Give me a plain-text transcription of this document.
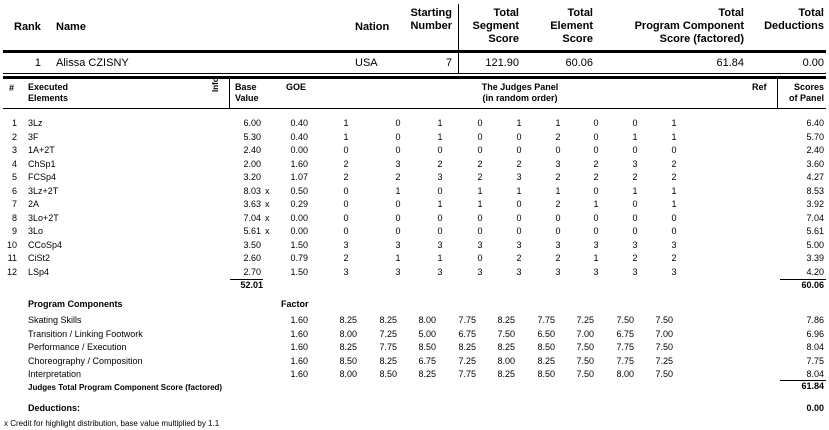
Rank Name	Nation
Starting
Number
Total
Segment
Score
Total
Element
Score
Total
Program Component
Score (factored)
Total
Deductions
1 Alissa CZISNY	USA	7	121.90	60.06	61.84	0.00
# Executed
Elements
Info Base
Value
GOE	The Judges Panel
(in random order)
Ref	Scores
of Panel
1 3Lz	6.00	0.40	1	0	1	0	1	1	0	0	1	6.40
2 3F	5.30	0.40	1	0	1	0	0	2	0	1	1	5.70
3 1A+2T	2.40	0.00	0	0	0	0	0	0	0	0	0	2.40
4 ChSp1	2.00	1.60	2	3	2	2	2	3	2	3	2	3.60
5 FCSp4	3.20	1.07	2	2	3	2	3	2	2	2	2	4.27
6 3Lz+2T	8.03 x 0.50	0	1	0	1	1	1	0	1	1	8.53
7 2A	3.63 x 0.29	0	0	1	1	0	2	1	0	1	3.92
8 3Lo+2T	7.04 x 0.00	0	0	0	0	0	0	0	0	0	7.04
9 3Lo	5.61 x 0.00	0	0	0	0	0	0	0	0	0	5.61
10 CCoSp4	3.50	1.50	3	3	3	3	3	3	3	3	3	5.00
11 CiSt2	2.60	0.79	2	1	1	0	2	2	1	2	2	3.39
12 LSp4	2.70	1.50	3	3	3	3	3	3	3	3	3	4.20
52.01	60.06
Program Components	Factor
Skating Skills	1.60	8.25 8.25 8.00 7.75 8.25 7.75 7.25 7.50 7.50	7.86
Transition / Linking Footwork	1.60	8.00 7.25 5.00 6.75 7.50 6.50 7.00 6.75 7.00	6.96
Performance / Execution	1.60	8.25 7.75 8.50 8.25 8.25 8.50 7.50 7.75 7.50	8.04
Choreography / Composition	1.60	8.50 8.25 6.75 7.25 8.00 8.25 7.50 7.75 7.25	7.75
Interpretation	1.60	8.00 8.50 8.25 7.75 8.25 8.50 7.50 8.00 7.50	8.04
Judges Total Program Component Score (factored)	61.84
Deductions:	0.00
x Credit for highlight distribution, base value multiplied by 1.1
